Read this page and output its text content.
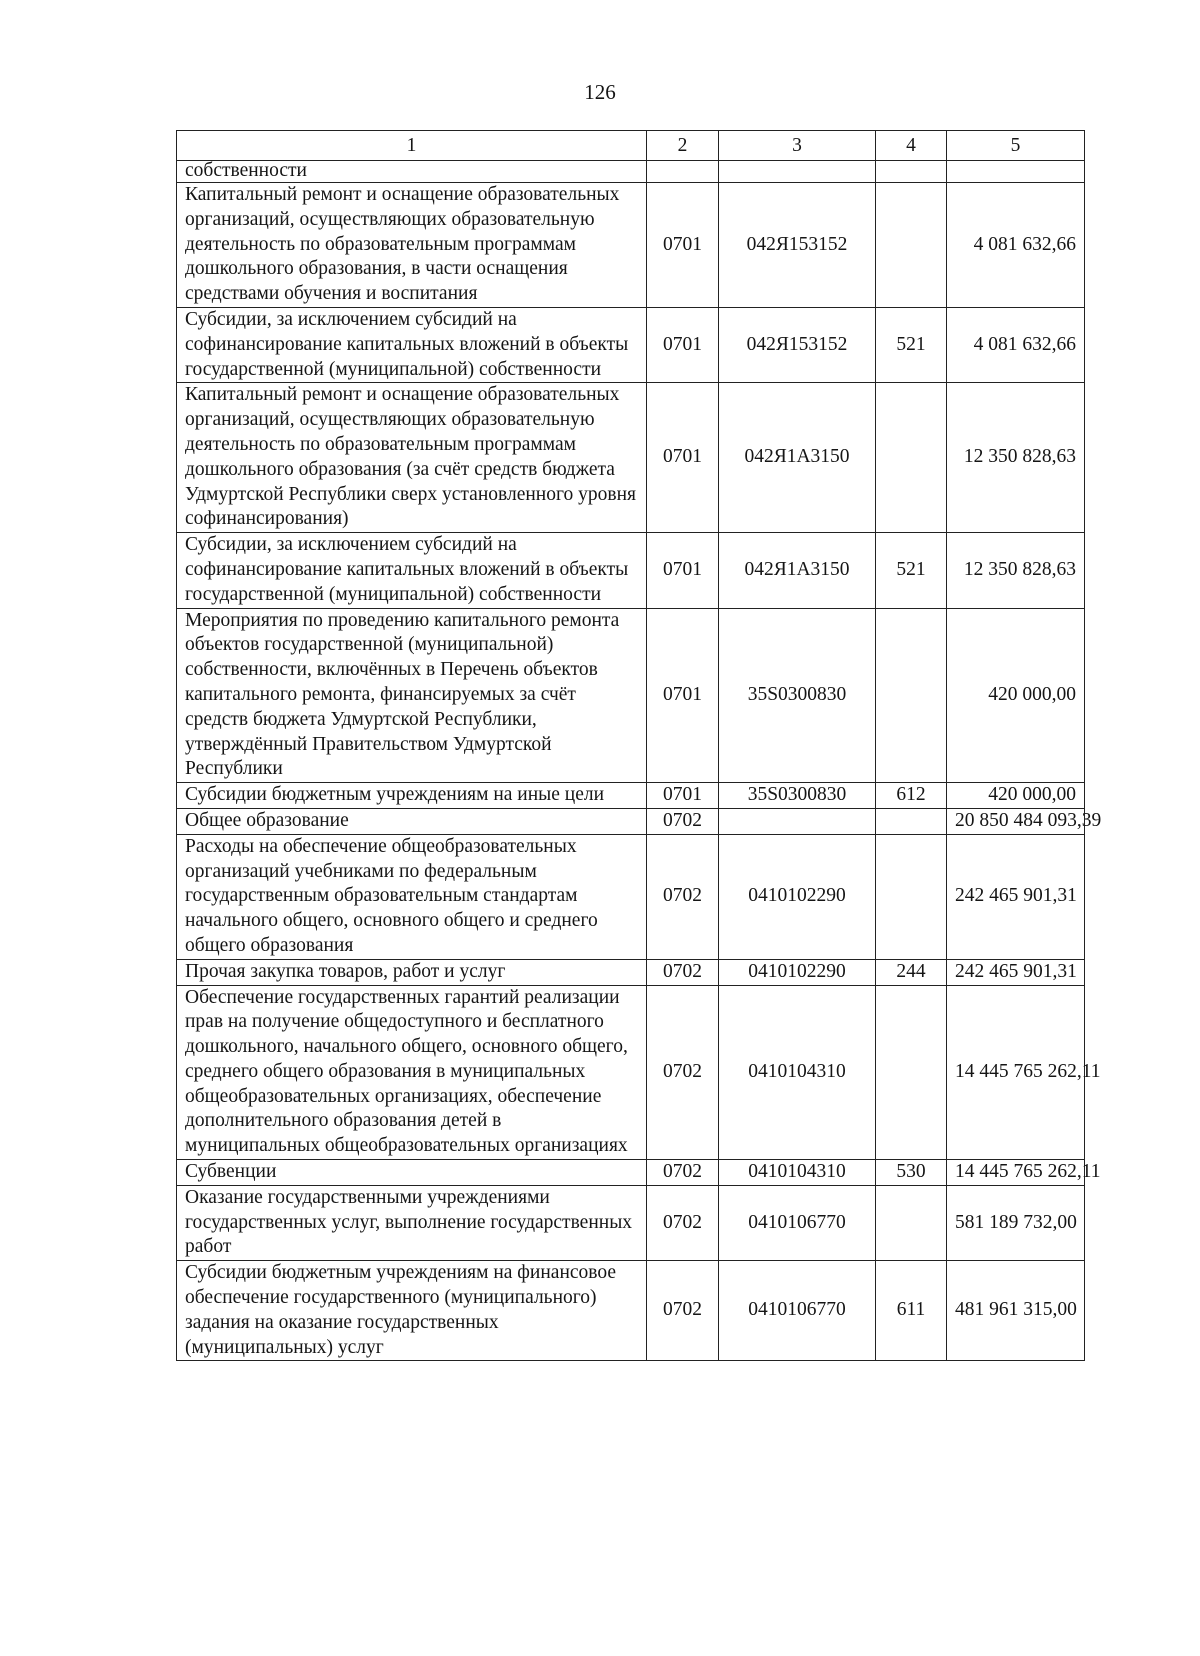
126
1	2	3	4	5
собственности				
Капитальный ремонт и оснащение образовательных организаций, осуществляющих образовательную деятельность по образовательным программам дошкольного образования, в части оснащения средствами обучения и воспитания	0701	042Я153152		4 081 632,66
Субсидии, за исключением субсидий на софинансирование капитальных вложений в объекты государственной (муниципальной) собственности	0701	042Я153152	521	4 081 632,66
Капитальный ремонт и оснащение образовательных организаций, осуществляющих образовательную деятельность по образовательным программам дошкольного образования (за счёт средств бюджета Удмуртской Республики сверх установленного уровня софинансирования)	0701	042Я1А3150		12 350 828,63
Субсидии, за исключением субсидий на софинансирование капитальных вложений в объекты государственной (муниципальной) собственности	0701	042Я1А3150	521	12 350 828,63
Мероприятия по проведению капитального ремонта объектов государственной (муниципальной) собственности, включённых в Перечень объектов капитального ремонта, финансируемых за счёт средств бюджета Удмуртской Республики, утверждённый Правительством Удмуртской Республики	0701	35S0300830		420 000,00
Субсидии бюджетным учреждениям на иные цели	0701	35S0300830	612	420 000,00
Общее образование	0702			20 850 484 093,39
Расходы на обеспечение общеобразовательных организаций учебниками по федеральным государственным образовательным стандартам начального общего, основного общего и среднего общего образования	0702	0410102290		242 465 901,31
Прочая закупка товаров, работ и услуг	0702	0410102290	244	242 465 901,31
Обеспечение государственных гарантий реализации прав на получение общедоступного и бесплатного дошкольного, начального общего, основного общего, среднего общего образования в муниципальных общеобразовательных организациях, обеспечение дополнительного образования детей в муниципальных общеобразовательных организациях	0702	0410104310		14 445 765 262,11
Субвенции	0702	0410104310	530	14 445 765 262,11
Оказание государственными учреждениями государственных услуг, выполнение государственных работ	0702	0410106770		581 189 732,00
Субсидии бюджетным учреждениям на финансовое обеспечение государственного (муниципального) задания на оказание государственных (муниципальных) услуг	0702	0410106770	611	481 961 315,00
